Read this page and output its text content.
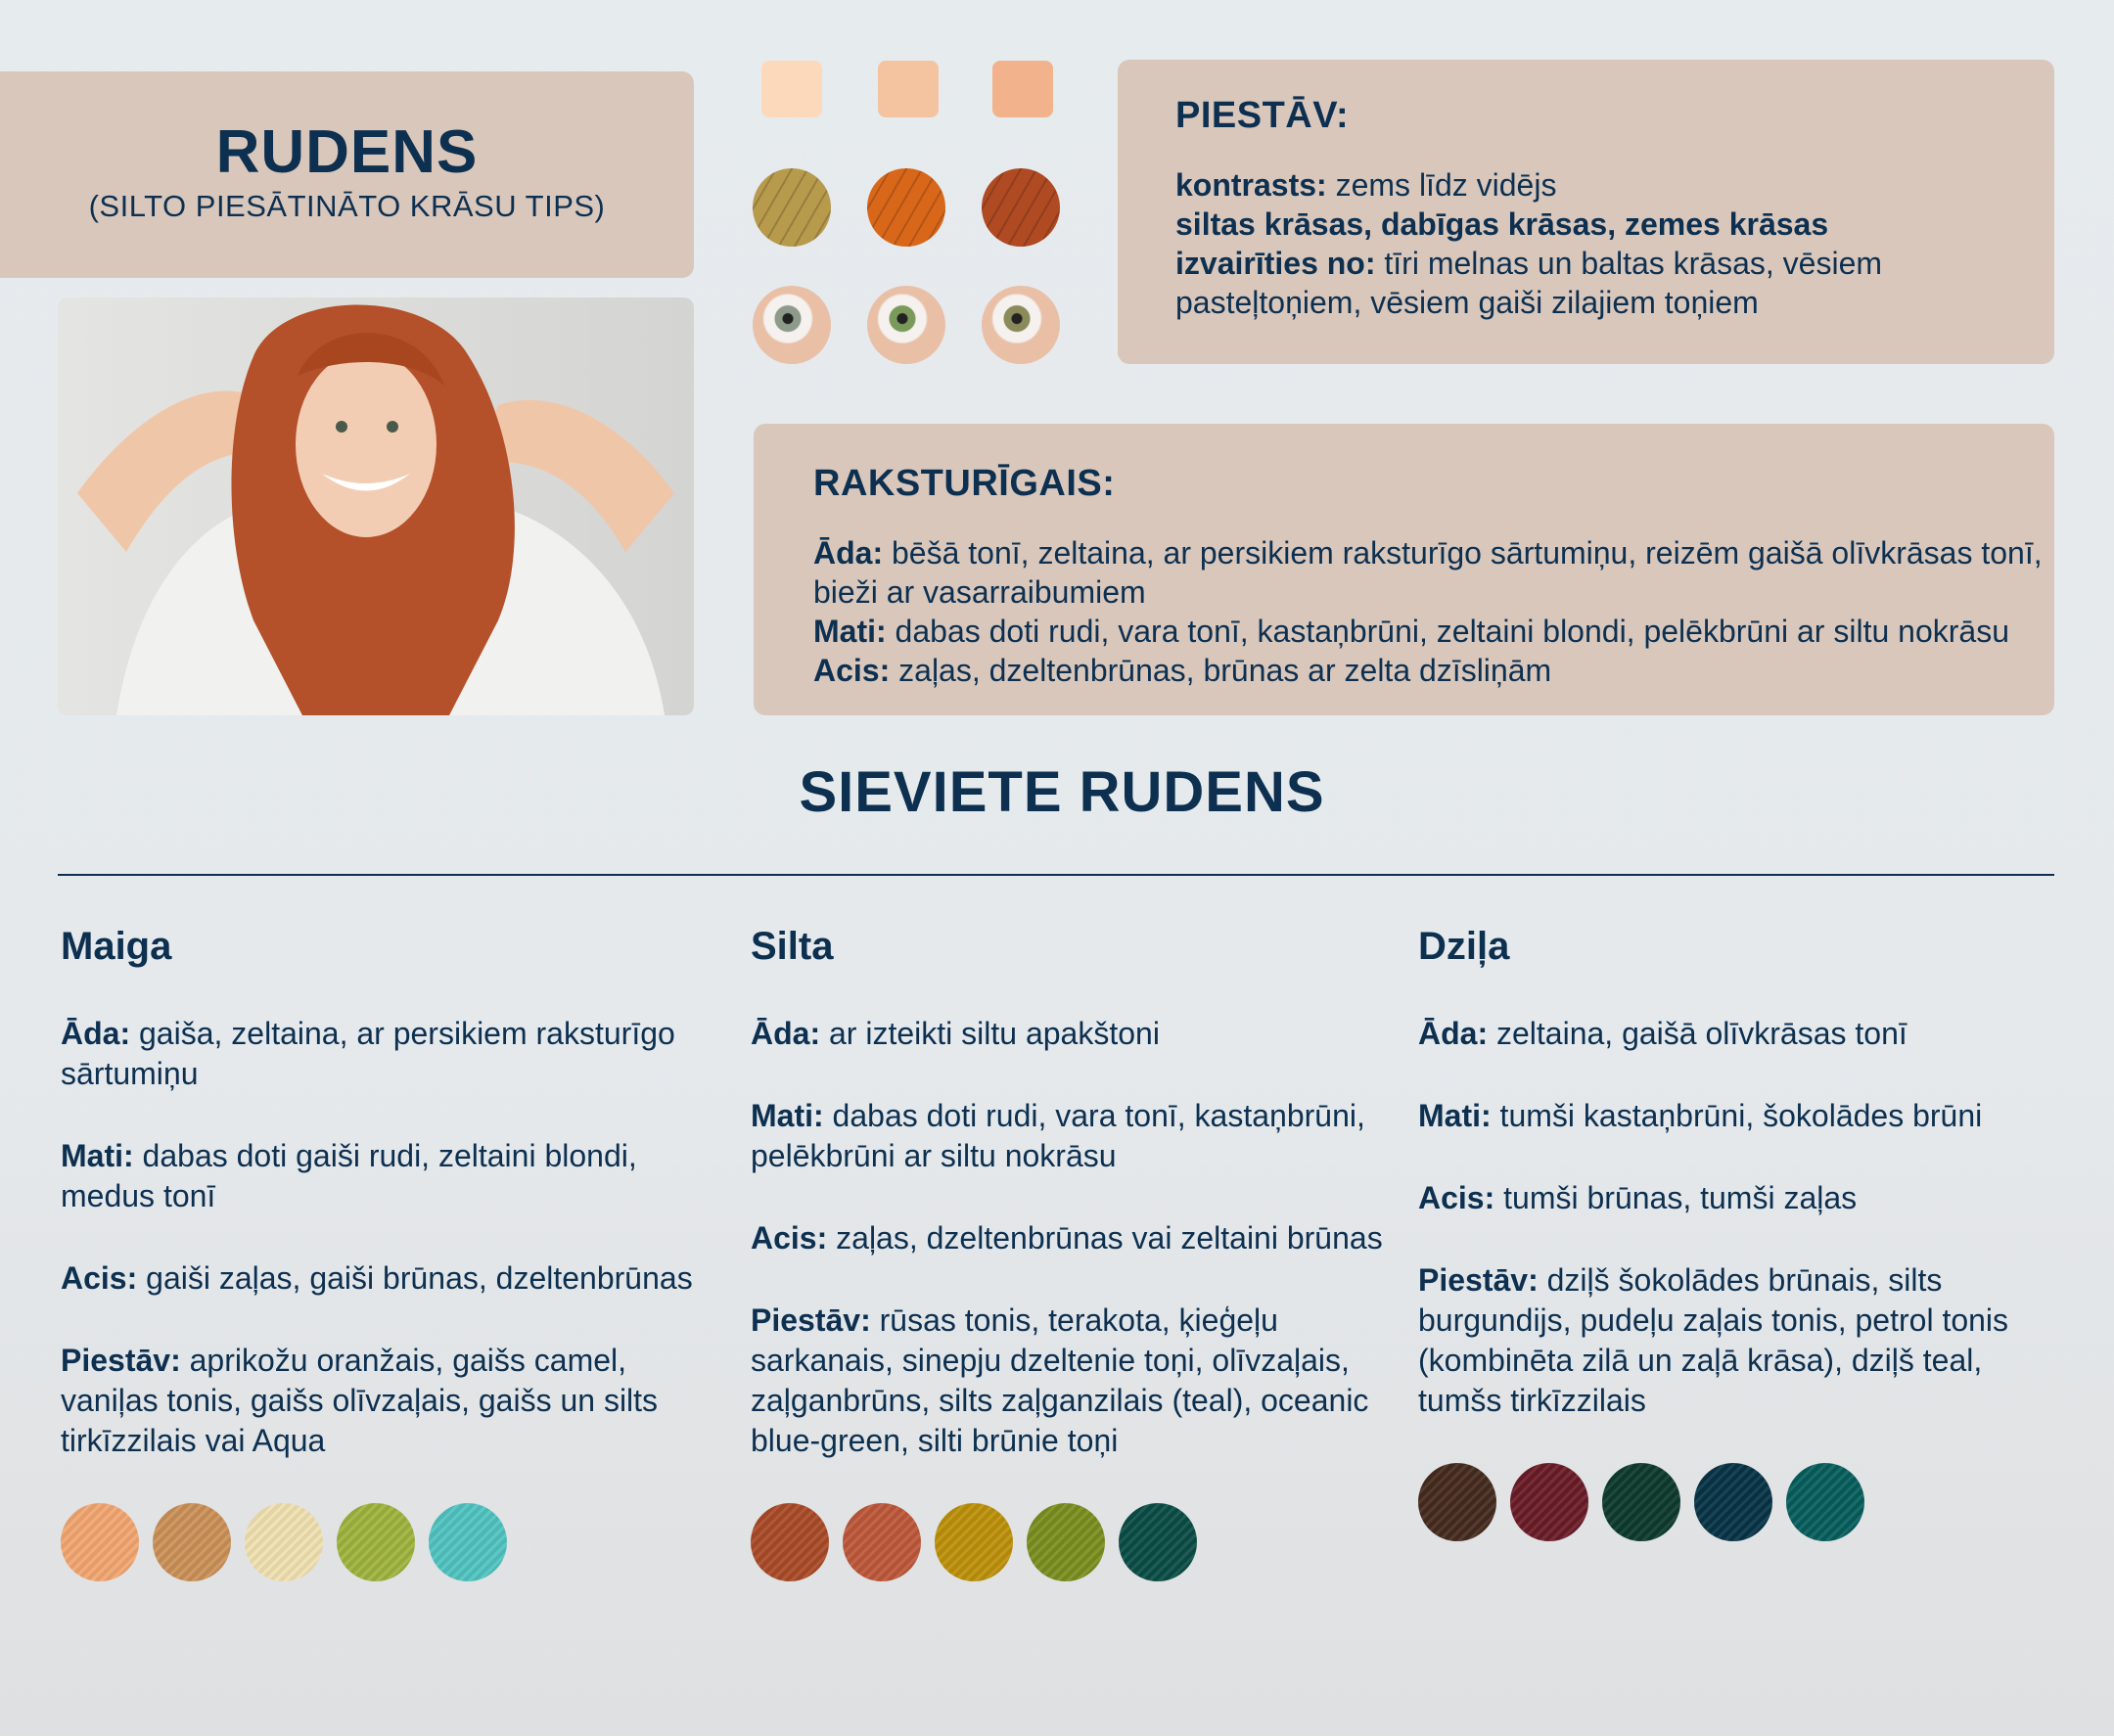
RUDENS
(SILTO PIESĀTINĀTO KRĀSU TIPS)
PIESTĀV:
kontrasts: zems līdz vidējs
siltas krāsas, dabīgas krāsas, zemes krāsas
izvairīties no: tīri melnas un baltas krāsas, vēsiem pasteļtoņiem, vēsiem gaiši zilajiem toņiem
RAKSTURĪGAIS:
Āda: bēšā tonī, zeltaina, ar persikiem raksturīgo sārtumiņu, reizēm gaišā olīvkrāsas tonī, bieži ar vasarraibumiem
Mati: dabas doti rudi, vara tonī, kastaņbrūni, zeltaini blondi, pelēkbrūni ar siltu nokrāsu
Acis: zaļas, dzeltenbrūnas, brūnas ar zelta dzīsliņām
SIEVIETE RUDENS
Maiga

Āda: gaiša, zeltaina, ar persikiem raksturīgo sārtumiņu

Mati: dabas doti gaiši rudi, zeltaini blondi, medus tonī

Acis: gaiši zaļas, gaiši brūnas, dzeltenbrūnas

Piestāv: aprikožu oranžais, gaišs camel, vaniļas tonis, gaišs olīvzaļais, gaišs un silts tirkīzzilais vai Aqua

Silta

Āda: ar izteikti siltu apakštoni

Mati: dabas doti rudi, vara tonī, kastaņbrūni, pelēkbrūni ar siltu nokrāsu

Acis: zaļas, dzeltenbrūnas vai zeltaini brūnas

Piestāv: rūsas tonis, terakota, ķieģeļu sarkanais, sinepju dzeltenie toņi, olīvzaļais, zaļganbrūns, silts zaļganzilais (teal), oceanic blue-green, silti brūnie toņi

Dziļa

Āda: zeltaina, gaišā olīvkrāsas tonī

Mati: tumši kastaņbrūni, šokolādes brūni

Acis: tumši brūnas, tumši zaļas

Piestāv: dziļš šokolādes brūnais, silts burgundijs, pudeļu zaļais tonis, petrol tonis (kombinēta zilā un zaļā krāsa), dziļš teal, tumšs tirkīzzilais
